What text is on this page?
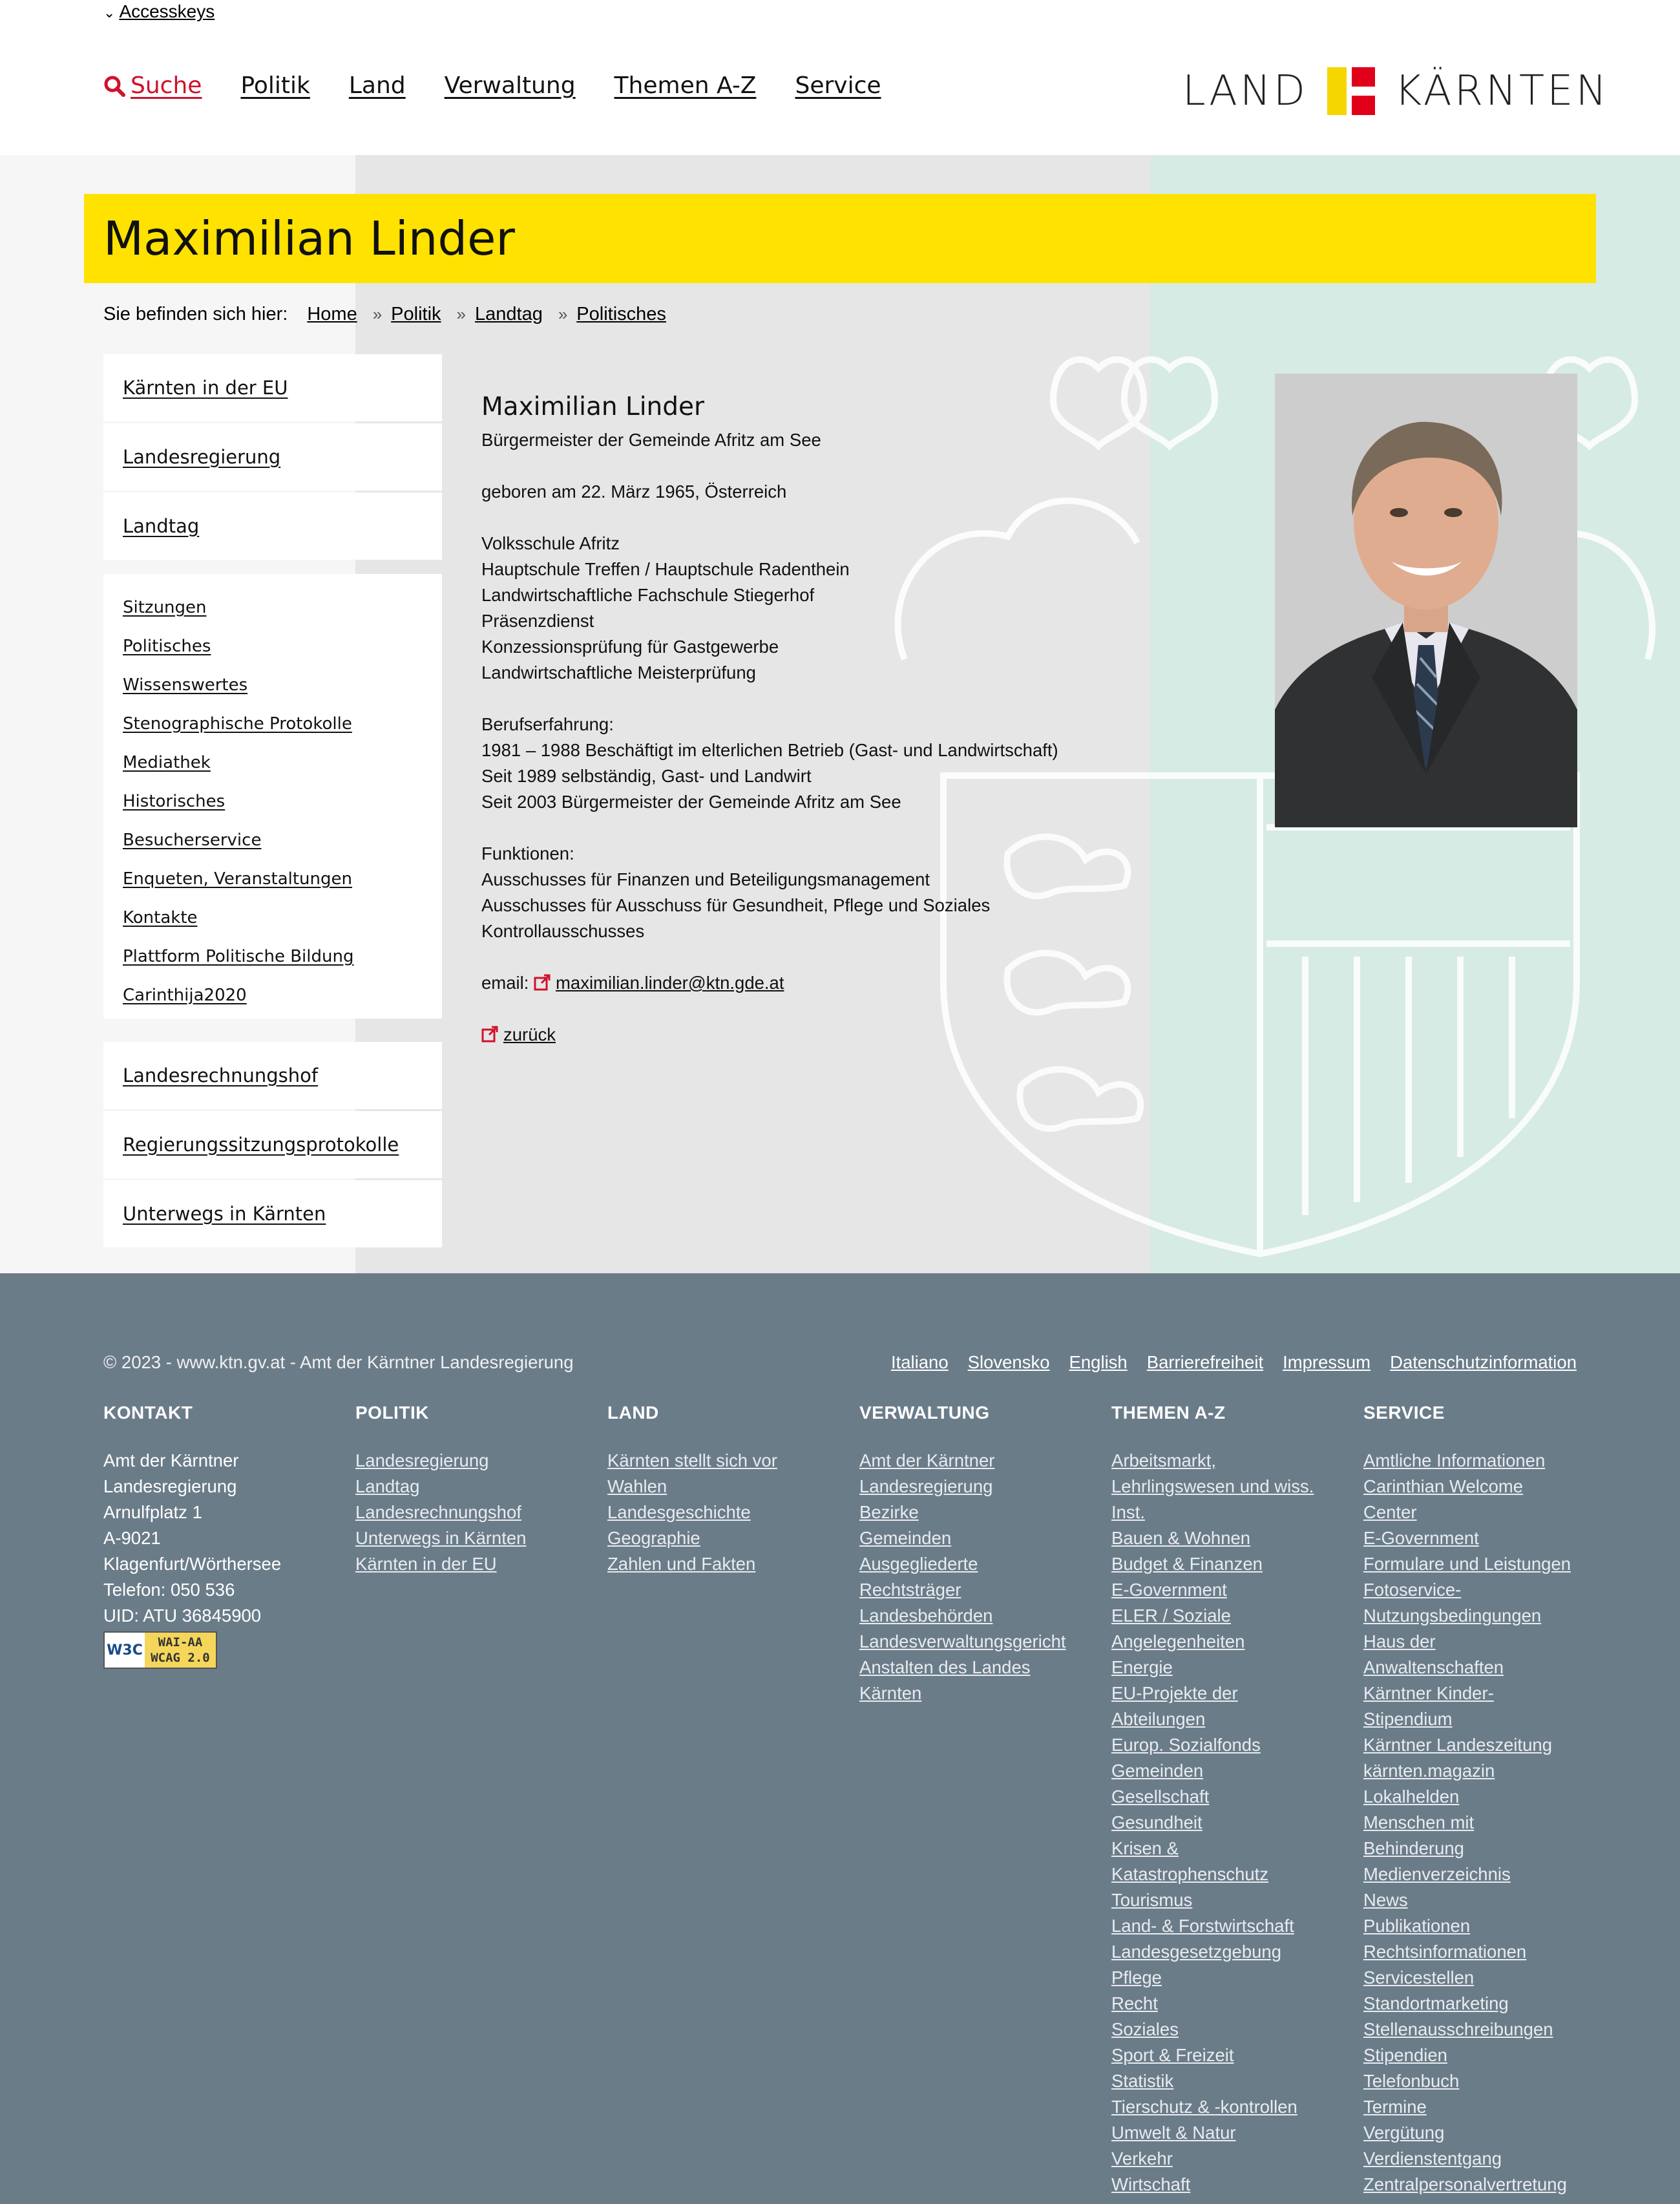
⌄ Accesskeys
Suche Politik Land Verwaltung Themen A-Z Service	LAND KÄRNTEN
Maximilian Linder
Sie befinden sich hier: Home » Politik » Landtag » Politisches
Kärnten in der EU
Landesregierung
Landtag
Sitzungen
Politisches
Wissenswertes
Stenographische Protokolle
Mediathek
Historisches
Besucherservice
Enqueten, Veranstaltungen
Kontakte
Plattform Politische Bildung
Carinthija2020
Landesrechnungshof
Regierungssitzungsprotokolle
Unterwegs in Kärnten
Maximilian Linder

Bürgermeister der Gemeinde Afritz am See

geboren am 22. März 1965, Österreich

Volksschule Afritz
Hauptschule Treffen / Hauptschule Radenthein
Landwirtschaftliche Fachschule Stiegerhof
Präsenzdienst
Konzessionsprüfung für Gastgewerbe
Landwirtschaftliche Meisterprüfung

Berufserfahrung:
1981 – 1988 Beschäftigt im elterlichen Betrieb (Gast- und Landwirtschaft)
Seit 1989 selbständig, Gast- und Landwirt
Seit 2003 Bürgermeister der Gemeinde Afritz am See

Funktionen:
Ausschusses für Finanzen und Beteiligungsmanagement
Ausschusses für Ausschuss für Gesundheit, Pflege und Soziales
Kontrollausschusses

email: maximilian.linder@ktn.gde.at

zurück

© 2023 - www.ktn.gv.at - Amt der Kärntner Landesregierung	Italiano Slovensko English Barrierefreiheit Impressum Datenschutzinformation
KONTAKT
Amt der Kärntner
Landesregierung
Arnulfplatz 1
A-9021
Klagenfurt/Wörthersee
Telefon: 050 536
UID: ATU 36845900
W3C WAI-AA
WCAG 2.0
POLITIK
Landesregierung
Landtag
Landesrechnungshof
Unterwegs in Kärnten
Kärnten in der EU
LAND
Kärnten stellt sich vor
Wahlen
Landesgeschichte
Geographie
Zahlen und Fakten
VERWALTUNG
Amt der Kärntner
Landesregierung
Bezirke
Gemeinden
Ausgegliederte
Rechtsträger
Landesbehörden
Landesverwaltungsgericht
Anstalten des Landes
Kärnten
THEMEN A-Z
Arbeitsmarkt,
Lehrlingswesen und wiss.
Inst.
Bauen & Wohnen
Budget & Finanzen
E-Government
ELER / Soziale
Angelegenheiten
Energie
EU-Projekte der
Abteilungen
Europ. Sozialfonds
Gemeinden
Gesellschaft
Gesundheit
Krisen &
Katastrophenschutz
Tourismus
Land- & Forstwirtschaft
Landesgesetzgebung
Pflege
Recht
Soziales
Sport & Freizeit
Statistik
Tierschutz & -kontrollen
Umwelt & Natur
Verkehr
Wirtschaft
SERVICE
Amtliche Informationen
Carinthian Welcome
Center
E-Government
Formulare und Leistungen
Fotoservice-
Nutzungsbedingungen
Haus der
Anwaltenschaften
Kärntner Kinder-
Stipendium
Kärntner Landeszeitung
kärnten.magazin
Lokalhelden
Menschen mit
Behinderung
Medienverzeichnis
News
Publikationen
Rechtsinformationen
Servicestellen
Standortmarketing
Stellenausschreibungen
Stipendien
Telefonbuch
Termine
Vergütung
Verdienstentgang
Zentralpersonalvertretung
